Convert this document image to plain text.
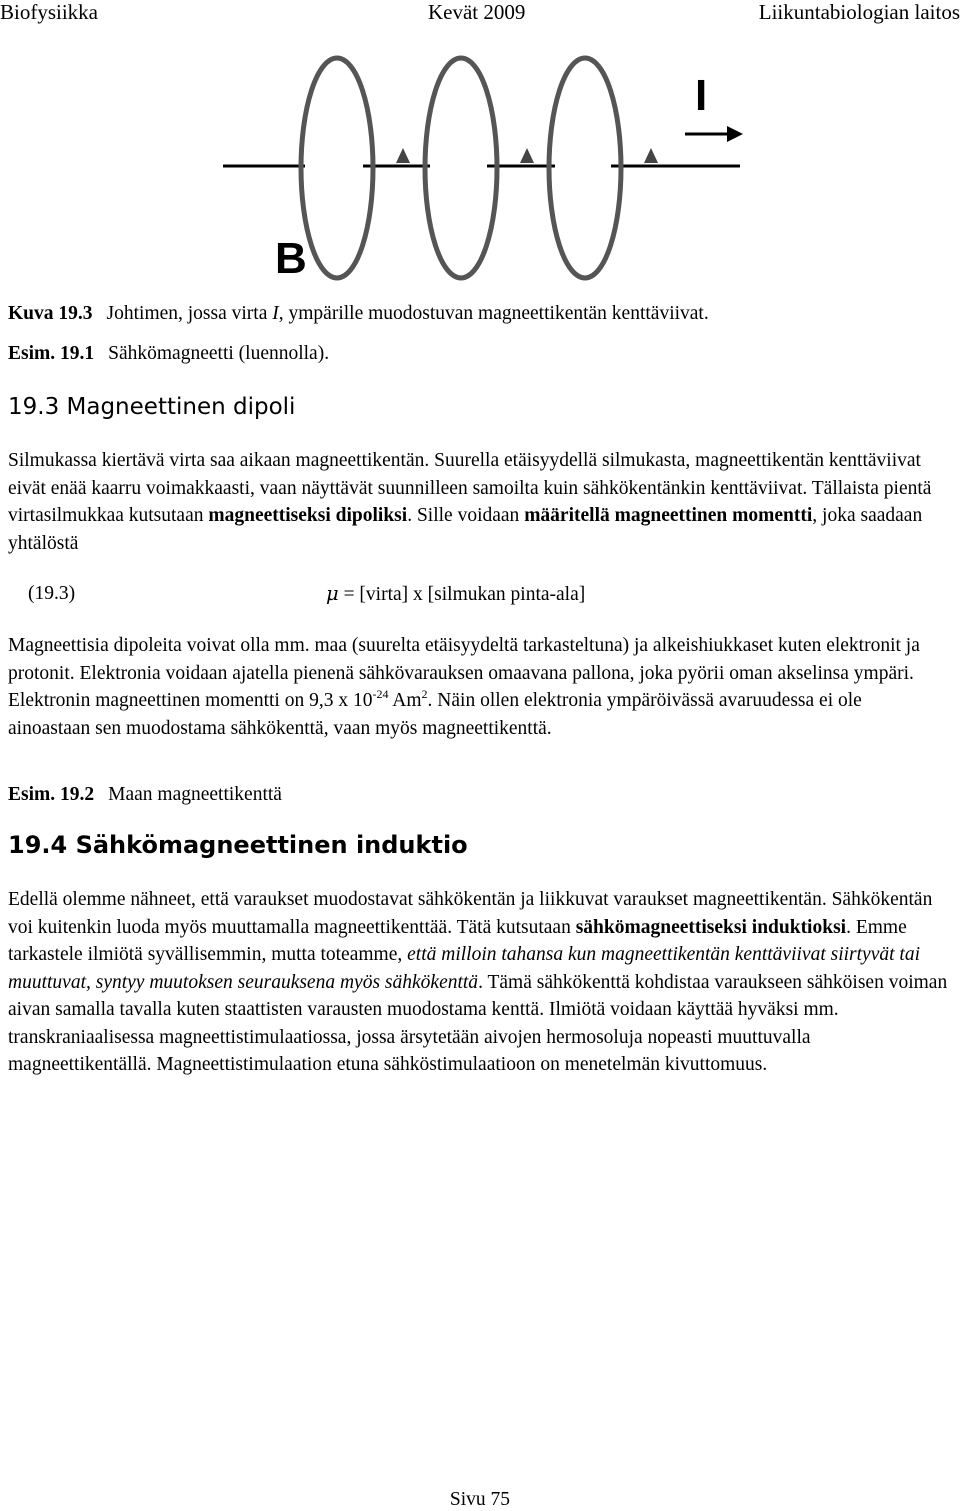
Biofysiikka	Kevät 2009	Liikuntabiologian laitos
I
B
Kuva 19.3 Johtimen, jossa virta I, ympärille muodostuvan magneettikentän kenttäviivat.
Esim. 19.1 Sähkömagneetti (luennolla).
19.3 Magneettinen dipoli
Silmukassa kiertävä virta saa aikaan magneettikentän. Suurella etäisyydellä silmukasta, magneettikentän kenttäviivat eivät enää kaarru voimakkaasti, vaan näyttävät suunnilleen samoilta kuin sähkökentänkin kenttäviivat. Tällaista pientä virtasilmukkaa kutsutaan magneettiseksi dipoliksi. Sille voidaan määritellä magneettinen momentti, joka saadaan yhtälöstä
(19.3)	μ = [virta] x [silmukan pinta-ala]
Magneettisia dipoleita voivat olla mm. maa (suurelta etäisyydeltä tarkasteltuna) ja alkeishiukkaset kuten elektronit ja protonit. Elektronia voidaan ajatella pienenä sähkövarauksen omaavana pallona, joka pyörii oman akselinsa ympäri. Elektronin magneettinen momentti on 9,3 x $10^{-24}$ Am$^2$. Näin ollen elektronia ympäröivässä avaruudessa ei ole ainoastaan sen muodostama sähkökenttä, vaan myös magneettikenttä.
Esim. 19.2 Maan magneettikenttä
19.4 Sähkömagneettinen induktio
Edellä olemme nähneet, että varaukset muodostavat sähkökentän ja liikkuvat varaukset magneettikentän. Sähkökentän voi kuitenkin luoda myös muuttamalla magneettikenttää. Tätä kutsutaan sähkömagneettiseksi induktioksi. Emme tarkastele ilmiötä syvällisemmin, mutta toteamme, että milloin tahansa kun magneettikentän kenttäviivat siirtyvät tai muuttuvat, syntyy muutoksen seurauksena myös sähkökenttä. Tämä sähkökenttä kohdistaa varaukseen sähköisen voiman aivan samalla tavalla kuten staattisten varausten muodostama kenttä. Ilmiötä voidaan käyttää hyväksi mm. transkraniaalisessa magneettistimulaatiossa, jossa ärsytetään aivojen hermosoluja nopeasti muuttuvalla magneettikentällä. Magneettistimulaation etuna sähköstimulaatioon on menetelmän kivuttomuus.
Sivu 75
